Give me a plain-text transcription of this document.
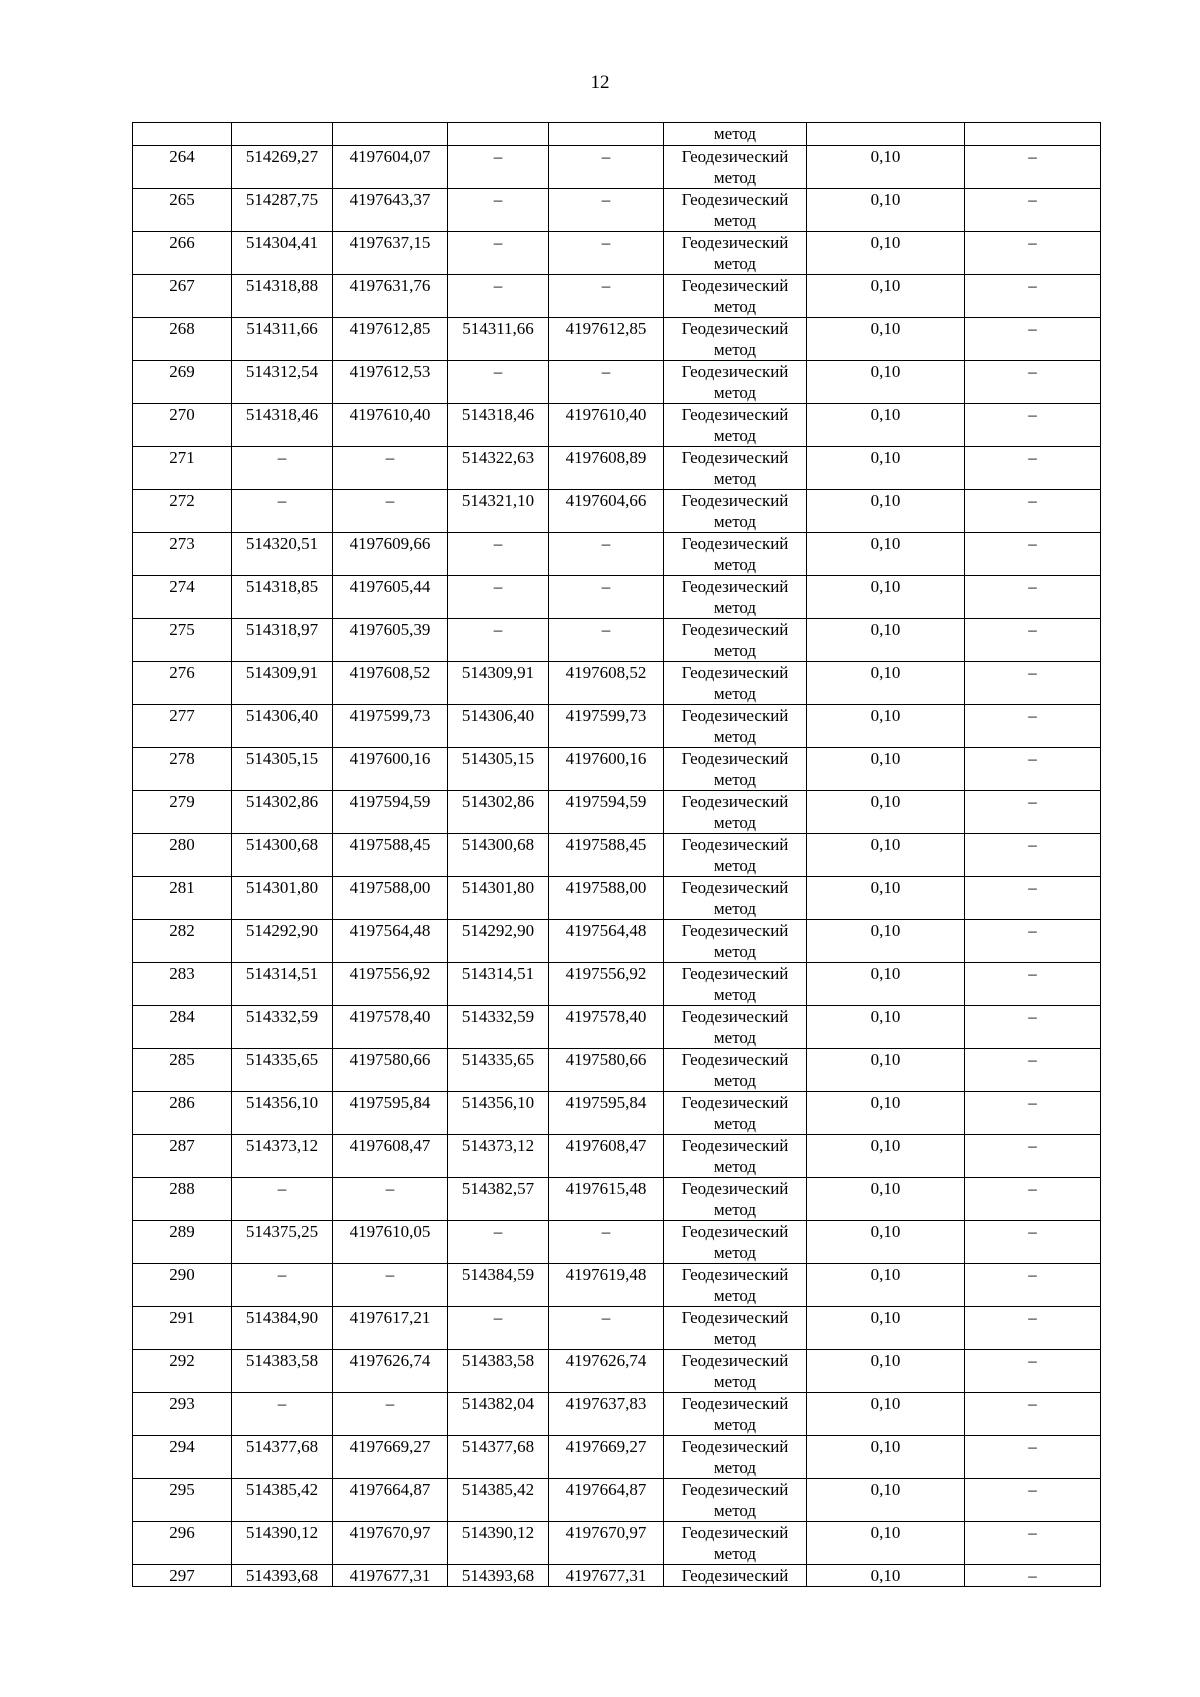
12
					метод		
264	514269,27	4197604,07	–	–	Геодезический метод	0,10	–
265	514287,75	4197643,37	–	–	Геодезический метод	0,10	–
266	514304,41	4197637,15	–	–	Геодезический метод	0,10	–
267	514318,88	4197631,76	–	–	Геодезический метод	0,10	–
268	514311,66	4197612,85	514311,66	4197612,85	Геодезический метод	0,10	–
269	514312,54	4197612,53	–	–	Геодезический метод	0,10	–
270	514318,46	4197610,40	514318,46	4197610,40	Геодезический метод	0,10	–
271	–	–	514322,63	4197608,89	Геодезический метод	0,10	–
272	–	–	514321,10	4197604,66	Геодезический метод	0,10	–
273	514320,51	4197609,66	–	–	Геодезический метод	0,10	–
274	514318,85	4197605,44	–	–	Геодезический метод	0,10	–
275	514318,97	4197605,39	–	–	Геодезический метод	0,10	–
276	514309,91	4197608,52	514309,91	4197608,52	Геодезический метод	0,10	–
277	514306,40	4197599,73	514306,40	4197599,73	Геодезический метод	0,10	–
278	514305,15	4197600,16	514305,15	4197600,16	Геодезический метод	0,10	–
279	514302,86	4197594,59	514302,86	4197594,59	Геодезический метод	0,10	–
280	514300,68	4197588,45	514300,68	4197588,45	Геодезический метод	0,10	–
281	514301,80	4197588,00	514301,80	4197588,00	Геодезический метод	0,10	–
282	514292,90	4197564,48	514292,90	4197564,48	Геодезический метод	0,10	–
283	514314,51	4197556,92	514314,51	4197556,92	Геодезический метод	0,10	–
284	514332,59	4197578,40	514332,59	4197578,40	Геодезический метод	0,10	–
285	514335,65	4197580,66	514335,65	4197580,66	Геодезический метод	0,10	–
286	514356,10	4197595,84	514356,10	4197595,84	Геодезический метод	0,10	–
287	514373,12	4197608,47	514373,12	4197608,47	Геодезический метод	0,10	–
288	–	–	514382,57	4197615,48	Геодезический метод	0,10	–
289	514375,25	4197610,05	–	–	Геодезический метод	0,10	–
290	–	–	514384,59	4197619,48	Геодезический метод	0,10	–
291	514384,90	4197617,21	–	–	Геодезический метод	0,10	–
292	514383,58	4197626,74	514383,58	4197626,74	Геодезический метод	0,10	–
293	–	–	514382,04	4197637,83	Геодезический метод	0,10	–
294	514377,68	4197669,27	514377,68	4197669,27	Геодезический метод	0,10	–
295	514385,42	4197664,87	514385,42	4197664,87	Геодезический метод	0,10	–
296	514390,12	4197670,97	514390,12	4197670,97	Геодезический метод	0,10	–
297	514393,68	4197677,31	514393,68	4197677,31	Геодезический	0,10	–
